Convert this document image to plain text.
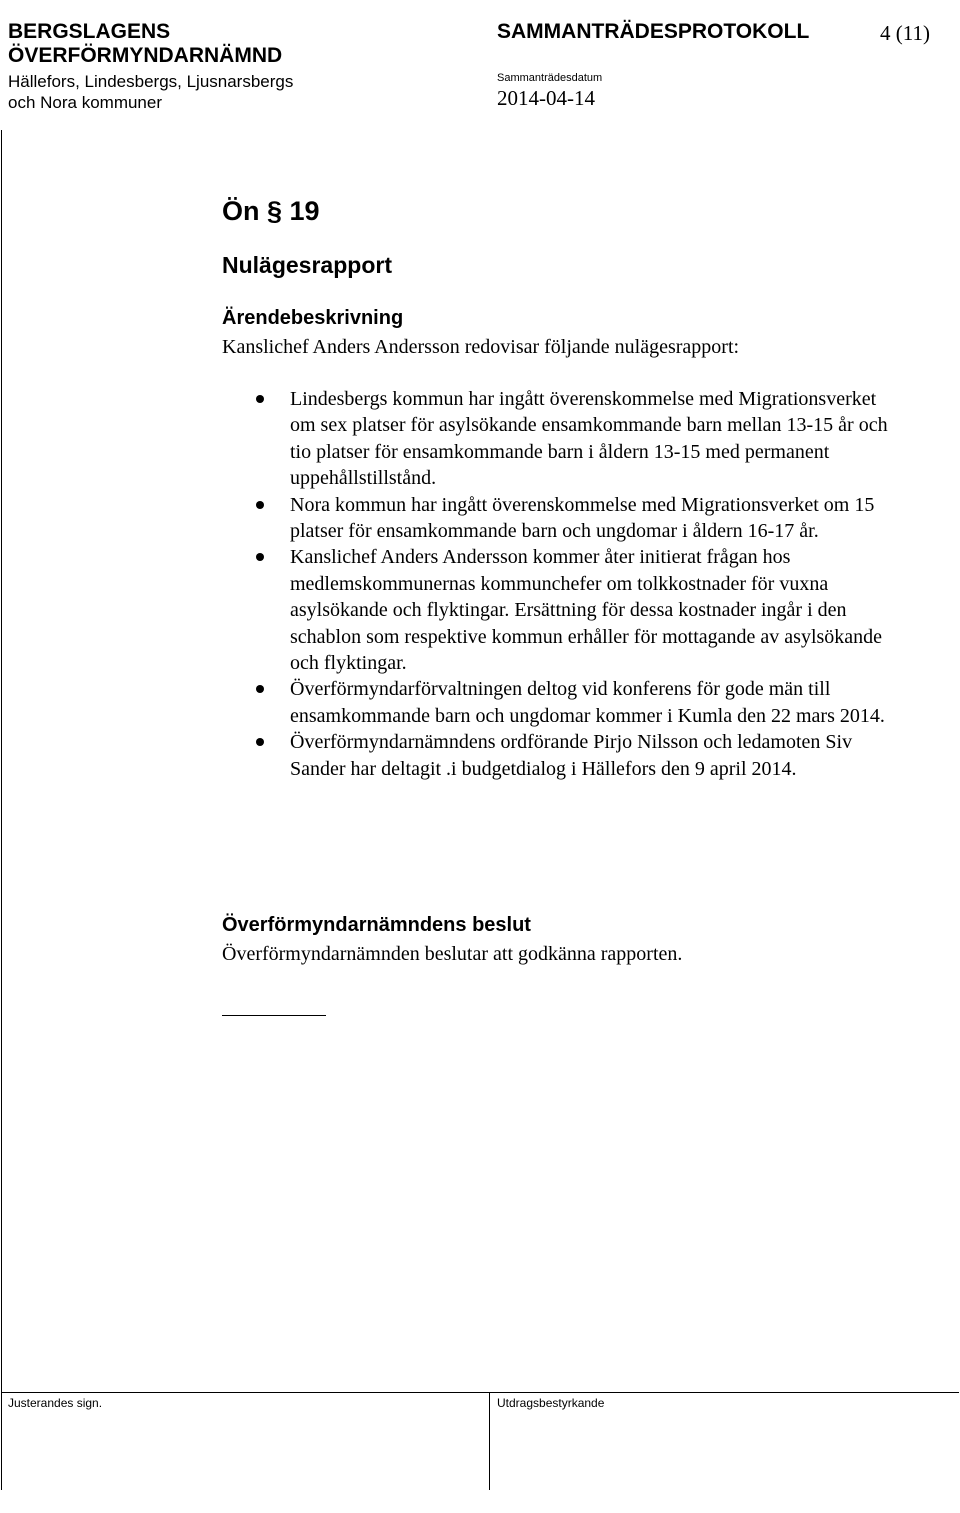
BERGSLAGENS
ÖVERFÖRMYNDARNÄMND
Hällefors, Lindesbergs, Ljusnarsbergs
och Nora kommuner
SAMMANTRÄDESPROTOKOLL	4 (11)
Sammanträdesdatum
2014-04-14
Ön § 19
Nulägesrapport
Ärendebeskrivning
Kanslichef Anders Andersson redovisar följande nulägesrapport:
Lindesbergs kommun har ingått överenskommelse med Migrationsverket om sex platser för asylsökande ensamkommande barn mellan 13-15 år och tio platser för ensamkommande barn i åldern 13-15 med permanent uppehållstillstånd.
Nora kommun har ingått överenskommelse med Migrationsverket om 15 platser för ensamkommande barn och ungdomar i åldern 16-17 år.
Kanslichef Anders Andersson kommer åter initierat frågan hos medlemskommunernas kommunchefer om tolkkostnader för vuxna asylsökande och flyktingar. Ersättning för dessa kostnader ingår i den schablon som respektive kommun erhåller för mottagande av asylsökande och flyktingar.
Överförmyndarförvaltningen deltog vid konferens för gode män till ensamkommande barn och ungdomar kommer i Kumla den 22 mars 2014.
Överförmyndarnämndens ordförande Pirjo Nilsson och ledamoten Siv Sander har deltagit .i budgetdialog i Hällefors den 9 april 2014.
Överförmyndarnämndens beslut
Överförmyndarnämnden beslutar att godkänna rapporten.
Justerandes sign.	Utdragsbestyrkande
